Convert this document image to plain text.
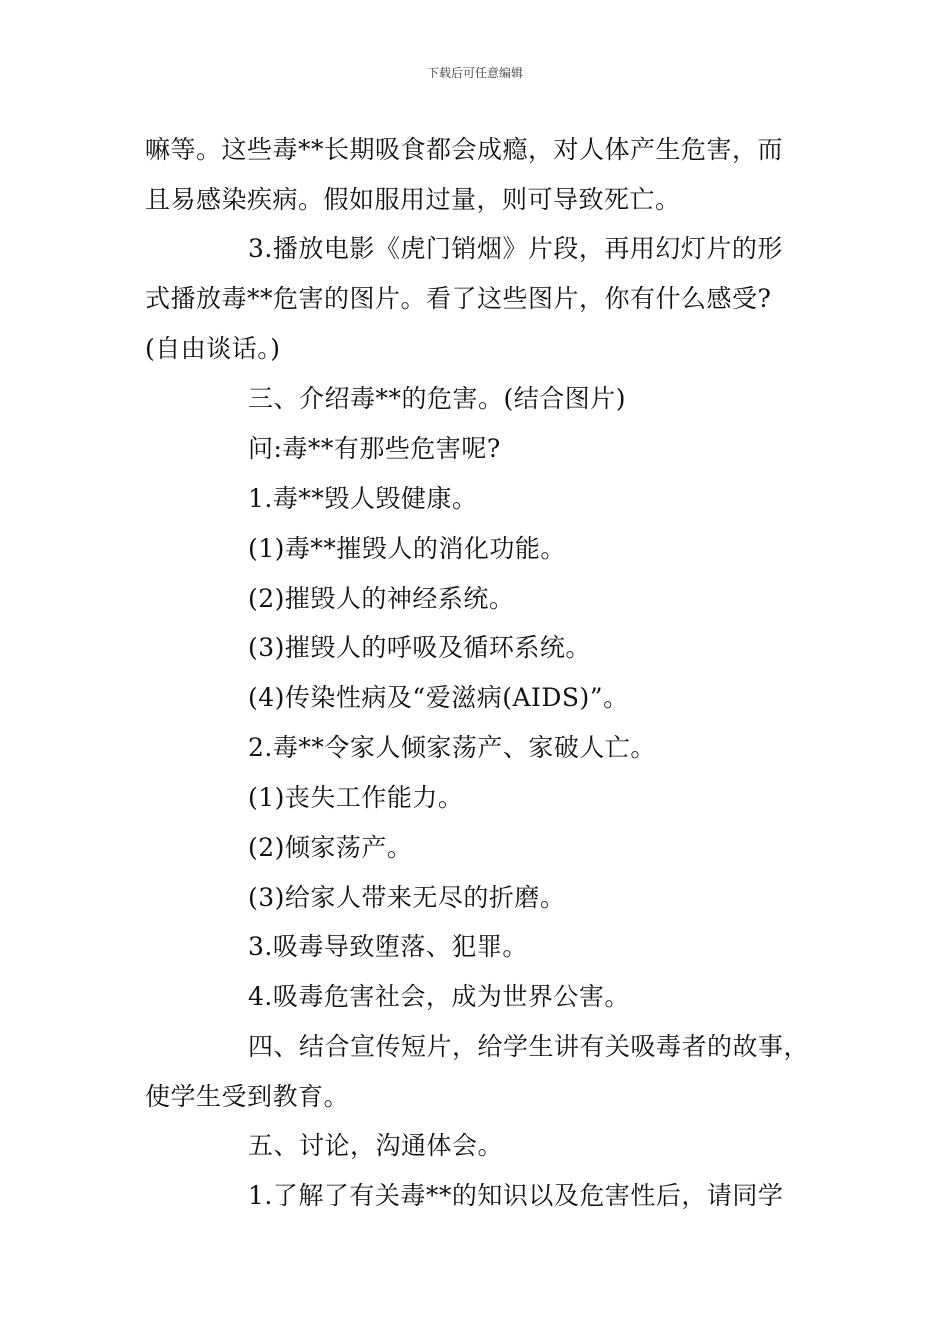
下载后可任意编辑
嘛等。这些毒**长期吸食都会成瘾，对人体产生危害，而
且易感染疾病。假如服用过量，则可导致死亡。
3.播放电影《虎门销烟》片段，再用幻灯片的形
式播放毒**危害的图片。看了这些图片，你有什么感受?
(自由谈话。)
三、介绍毒**的危害。(结合图片)
问:毒**有那些危害呢?
1.毒**毁人毁健康。
(1)毒**摧毁人的消化功能。
(2)摧毁人的神经系统。
(3)摧毁人的呼吸及循环系统。
(4)传染性病及“爱滋病(AIDS)”。
2.毒**令家人倾家荡产、家破人亡。
(1)丧失工作能力。
(2)倾家荡产。
(3)给家人带来无尽的折磨。
3.吸毒导致堕落、犯罪。
4.吸毒危害社会，成为世界公害。
四、结合宣传短片，给学生讲有关吸毒者的故事，
使学生受到教育。
五、讨论，沟通体会。
1.了解了有关毒**的知识以及危害性后，请同学
